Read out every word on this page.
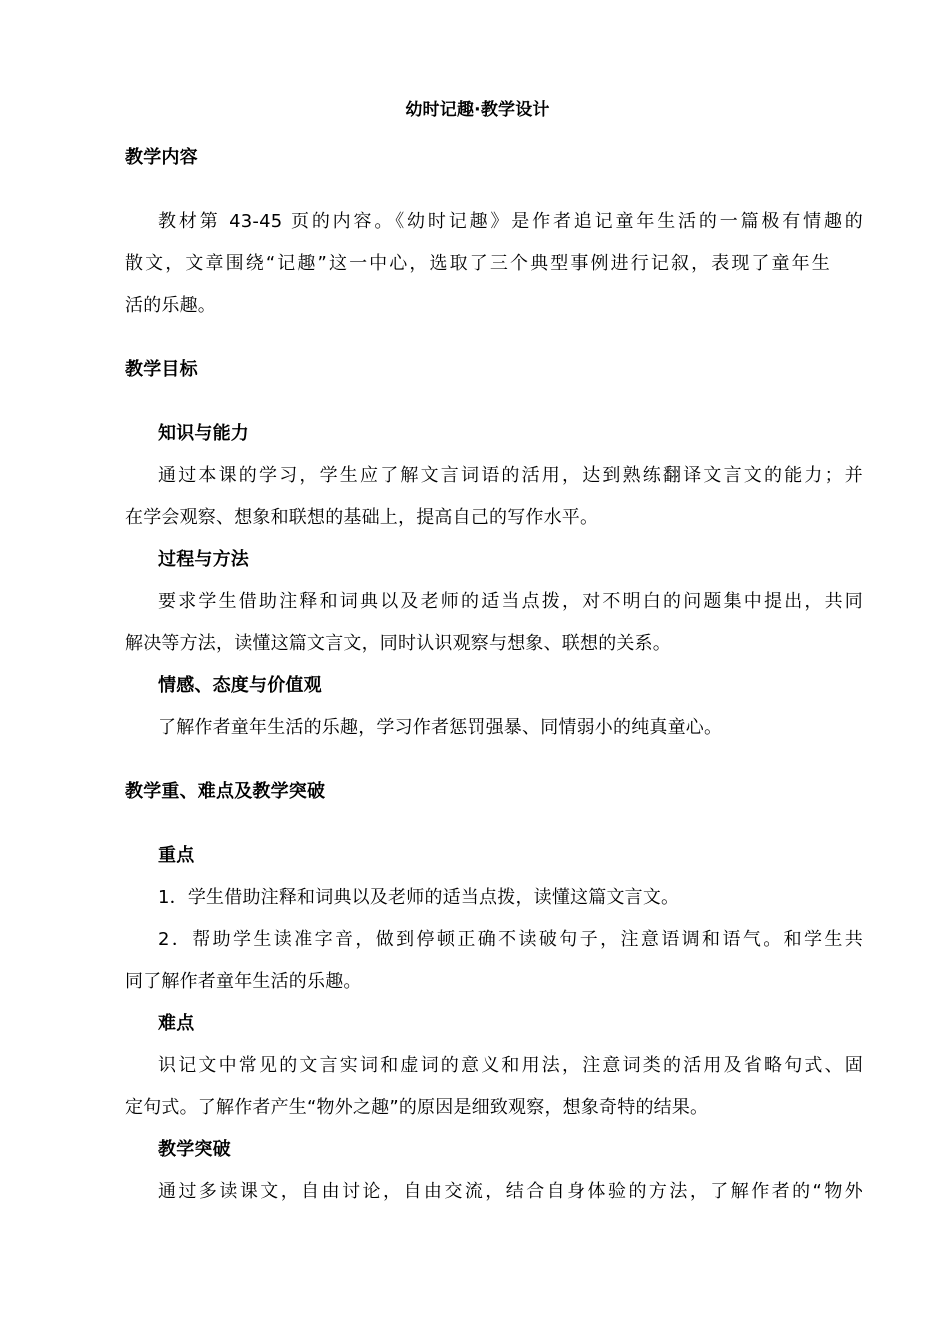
幼时记趣·教学设计
教学内容
教材第 43-45 页的内容。《幼时记趣》是作者追记童年生活的一篇极有情趣的
散文，文章围绕“记趣”这一中心，选取了三个典型事例进行记叙，表现了童年生
活的乐趣。
教学目标
知识与能力
通过本课的学习，学生应了解文言词语的活用，达到熟练翻译文言文的能力；并
在学会观察、想象和联想的基础上，提高自己的写作水平。
过程与方法
要求学生借助注释和词典以及老师的适当点拨，对不明白的问题集中提出，共同
解决等方法，读懂这篇文言文，同时认识观察与想象、联想的关系。
情感、态度与价值观
了解作者童年生活的乐趣，学习作者惩罚强暴、同情弱小的纯真童心。
教学重、难点及教学突破
重点
1．学生借助注释和词典以及老师的适当点拨，读懂这篇文言文。
2．帮助学生读准字音，做到停顿正确不读破句子，注意语调和语气。和学生共
同了解作者童年生活的乐趣。
难点
识记文中常见的文言实词和虚词的意义和用法，注意词类的活用及省略句式、固
定句式。了解作者产生“物外之趣”的原因是细致观察，想象奇特的结果。
教学突破
通过多读课文，自由讨论，自由交流，结合自身体验的方法，了解作者的“物外
